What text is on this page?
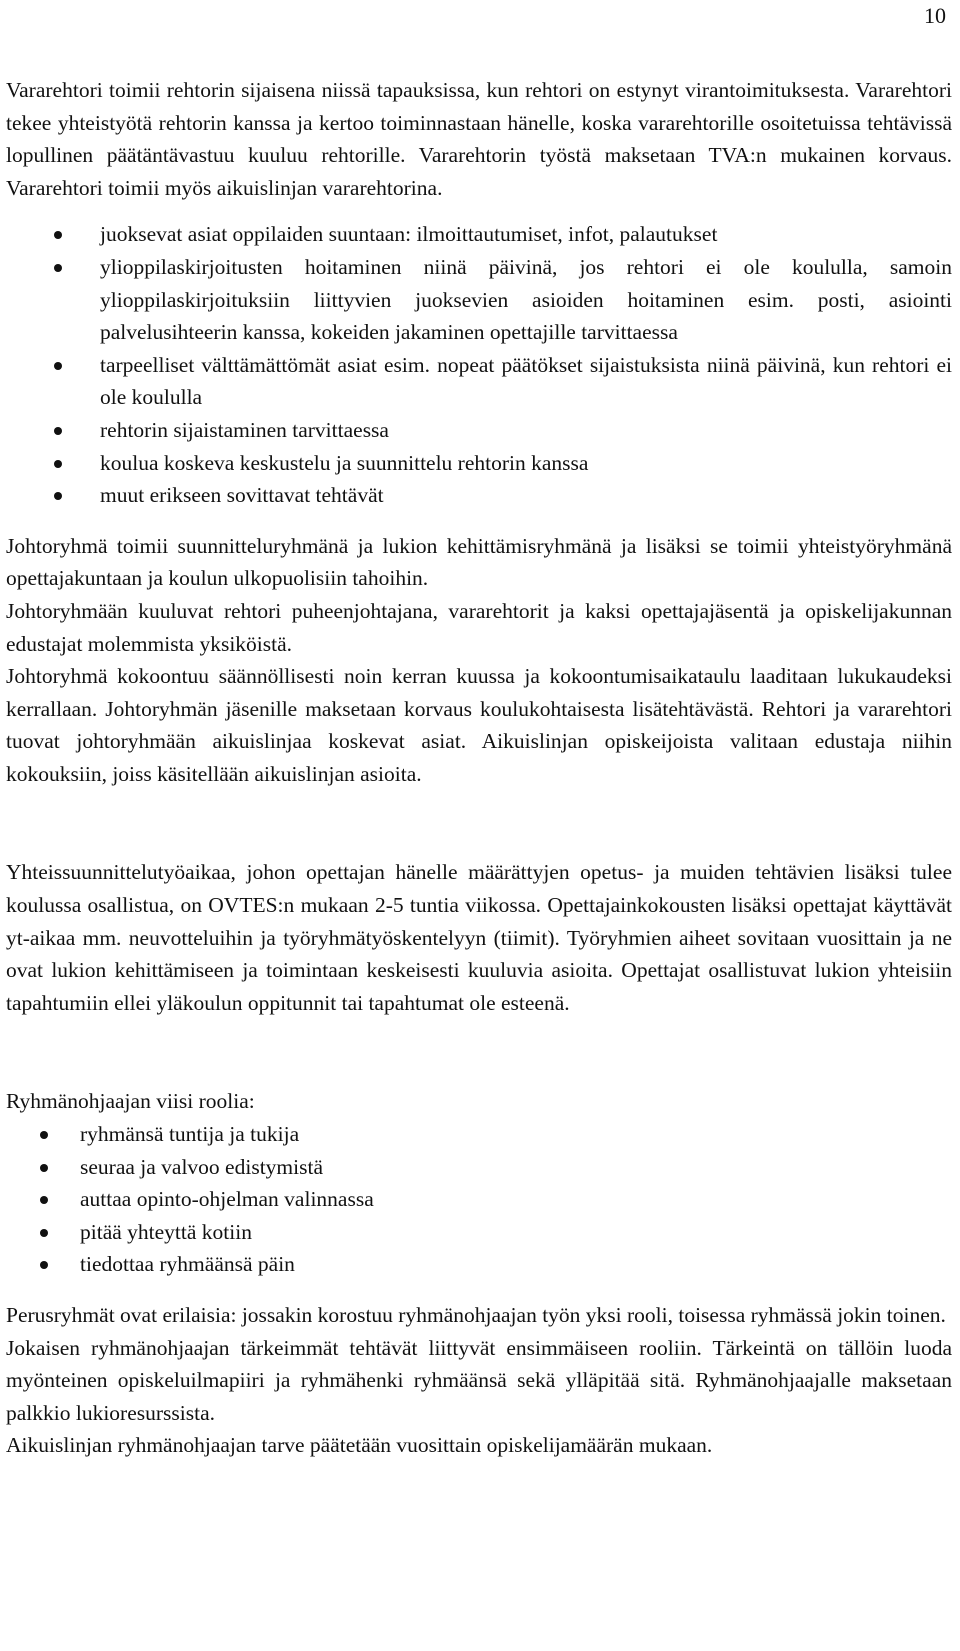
10

Vararehtori toimii rehtorin sijaisena niissä tapauksissa, kun rehtori on estynyt virantoimituksesta. Vararehtori tekee yhteistyötä rehtorin kanssa ja kertoo toiminnastaan hänelle, koska vararehtorille osoitetuissa tehtävissä lopullinen päätäntävastuu kuuluu rehtorille. Vararehtorin työstä maksetaan TVA:n mukainen korvaus. Vararehtori toimii myös aikuislinjan vararehtorina.

juoksevat asiat oppilaiden suuntaan: ilmoittautumiset, infot, palautukset
ylioppilaskirjoitusten hoitaminen niinä päivinä, jos rehtori ei ole koululla, samoin ylioppilaskirjoituksiin liittyvien juoksevien asioiden hoitaminen esim. posti, asiointi palvelusihteerin kanssa, kokeiden jakaminen opettajille tarvittaessa
tarpeelliset välttämättömät asiat esim. nopeat päätökset sijaistuksista niinä päivinä, kun rehtori ei ole koululla
rehtorin sijaistaminen tarvittaessa
koulua koskeva keskustelu ja suunnittelu rehtorin kanssa
muut erikseen sovittavat tehtävät

Johtoryhmä toimii suunnitteluryhmänä ja lukion kehittämisryhmänä ja lisäksi se toimii yhteistyöryhmänä opettajakuntaan ja koulun ulkopuolisiin tahoihin.

Johtoryhmään kuuluvat rehtori puheenjohtajana, vararehtorit ja kaksi opettajajäsentä ja opiskelijakunnan edustajat molemmista yksiköistä.

Johtoryhmä kokoontuu säännöllisesti noin kerran kuussa ja kokoontumisaikataulu laaditaan lukukaudeksi kerrallaan. Johtoryhmän jäsenille maksetaan korvaus koulukohtaisesta lisätehtävästä. Rehtori ja vararehtori tuovat johtoryhmään aikuislinjaa koskevat asiat. Aikuislinjan opiskeijoista valitaan edustaja niihin kokouksiin, joiss käsitellään aikuislinjan asioita.

Yhteissuunnittelutyöaikaa, johon opettajan hänelle määrättyjen opetus- ja muiden tehtävien lisäksi tulee koulussa osallistua, on OVTES:n mukaan 2-5 tuntia viikossa. Opettajainkokousten lisäksi opettajat käyttävät yt-aikaa mm. neuvotteluihin ja työryhmätyöskentelyyn (tiimit). Työryhmien aiheet sovitaan vuosittain ja ne ovat lukion kehittämiseen ja toimintaan keskeisesti kuuluvia asioita. Opettajat osallistuvat lukion yhteisiin tapahtumiin ellei yläkoulun oppitunnit tai tapahtumat ole esteenä.

Ryhmänohjaajan viisi roolia:

ryhmänsä tuntija ja tukija
seuraa ja valvoo edistymistä
auttaa opinto-ohjelman valinnassa
pitää yhteyttä kotiin
tiedottaa ryhmäänsä päin

Perusryhmät ovat erilaisia: jossakin korostuu ryhmänohjaajan työn yksi rooli, toisessa ryhmässä jokin toinen.

Jokaisen ryhmänohjaajan tärkeimmät tehtävät liittyvät ensimmäiseen rooliin. Tärkeintä on tällöin luoda myönteinen opiskeluilmapiiri ja ryhmähenki ryhmäänsä sekä ylläpitää sitä. Ryhmänohjaajalle maksetaan palkkio lukioresurssista.

Aikuislinjan ryhmänohjaajan tarve päätetään vuosittain opiskelijamäärän mukaan.
